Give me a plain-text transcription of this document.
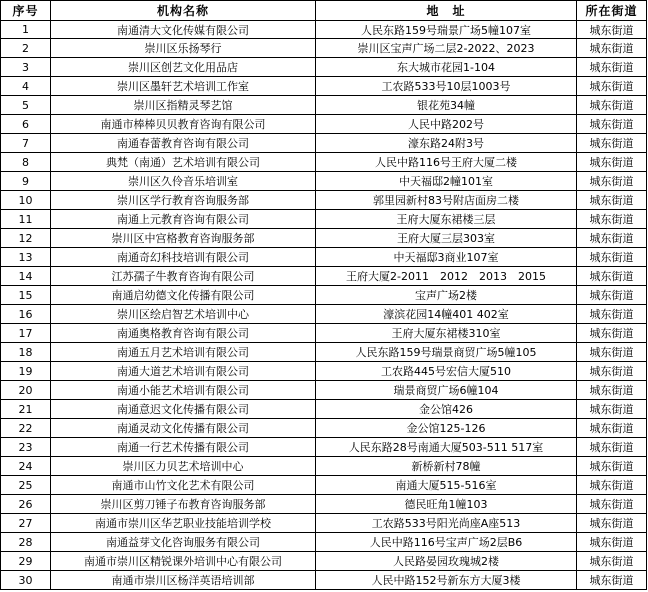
序号	机构名称	地　址	所在街道
1	南通清大文化传媒有限公司	人民东路159号瑞景广场5幢107室	城东街道
2	崇川区乐扬琴行	崇川区宝声广场二层2-2022、2023	城东街道
3	崇川区创艺文化用品店	东大城市花园1-104	城东街道
4	崇川区墨轩艺术培训工作室	工农路533号10层1003号	城东街道
5	崇川区指精灵琴艺馆	银花苑34幢	城东街道
6	南通市棒棒贝贝教育咨询有限公司	人民中路202号	城东街道
7	南通春蕾教育咨询有限公司	濠东路24附3号	城东街道
8	典梵（南通）艺术培训有限公司	人民中路116号王府大厦二楼	城东街道
9	崇川区久伶音乐培训室	中天福邸2幢101室	城东街道
10	崇川区学行教育咨询服务部	郭里园新村83号附店面房二楼	城东街道
11	南通上元教育咨询有限公司	王府大厦东裙楼三层	城东街道
12	崇川区中宫格教育咨询服务部	王府大厦三层303室	城东街道
13	南通奇幻科技培训有限公司	中天福邸3商业107室	城东街道
14	江苏孺子牛教育咨询有限公司	王府大厦2-2011　2012　2013　2015	城东街道
15	南通启幼德文化传播有限公司	宝声广场2楼	城东街道
16	崇川区绘启智艺术培训中心	濠滨花园14幢401 402室	城东街道
17	南通奥格教育咨询有限公司	王府大厦东裙楼310室	城东街道
18	南通五月艺术培训有限公司	人民东路159号瑞景商贸广场5幢105	城东街道
19	南通大道艺术培训有限公司	工农路445号宏信大厦510	城东街道
20	南通小能艺术培训有限公司	瑞景商贸广场6幢104	城东街道
21	南通意迟文化传播有限公司	金公馆426	城东街道
22	南通灵动文化传播有限公司	金公馆125-126	城东街道
23	南通一行艺术传播有限公司	人民东路28号南通大厦503-511 517室	城东街道
24	崇川区力贝艺术培训中心	新桥新村78幢	城东街道
25	南通市山竹文化艺术有限公司	南通大厦515-516室	城东街道
26	崇川区剪刀锤子布教育咨询服务部	德民旺角1幢103	城东街道
27	南通市崇川区华艺职业技能培训学校	工农路533号阳光尚座A座513	城东街道
28	南通益芽文化咨询服务有限公司	人民中路116号宝声广场2层B6	城东街道
29	南通市崇川区精锐课外培训中心有限公司	人民路晏园玫瑰城2楼	城东街道
30	南通市崇川区杨洋英语培训部	人民中路152号新东方大厦3楼	城东街道
